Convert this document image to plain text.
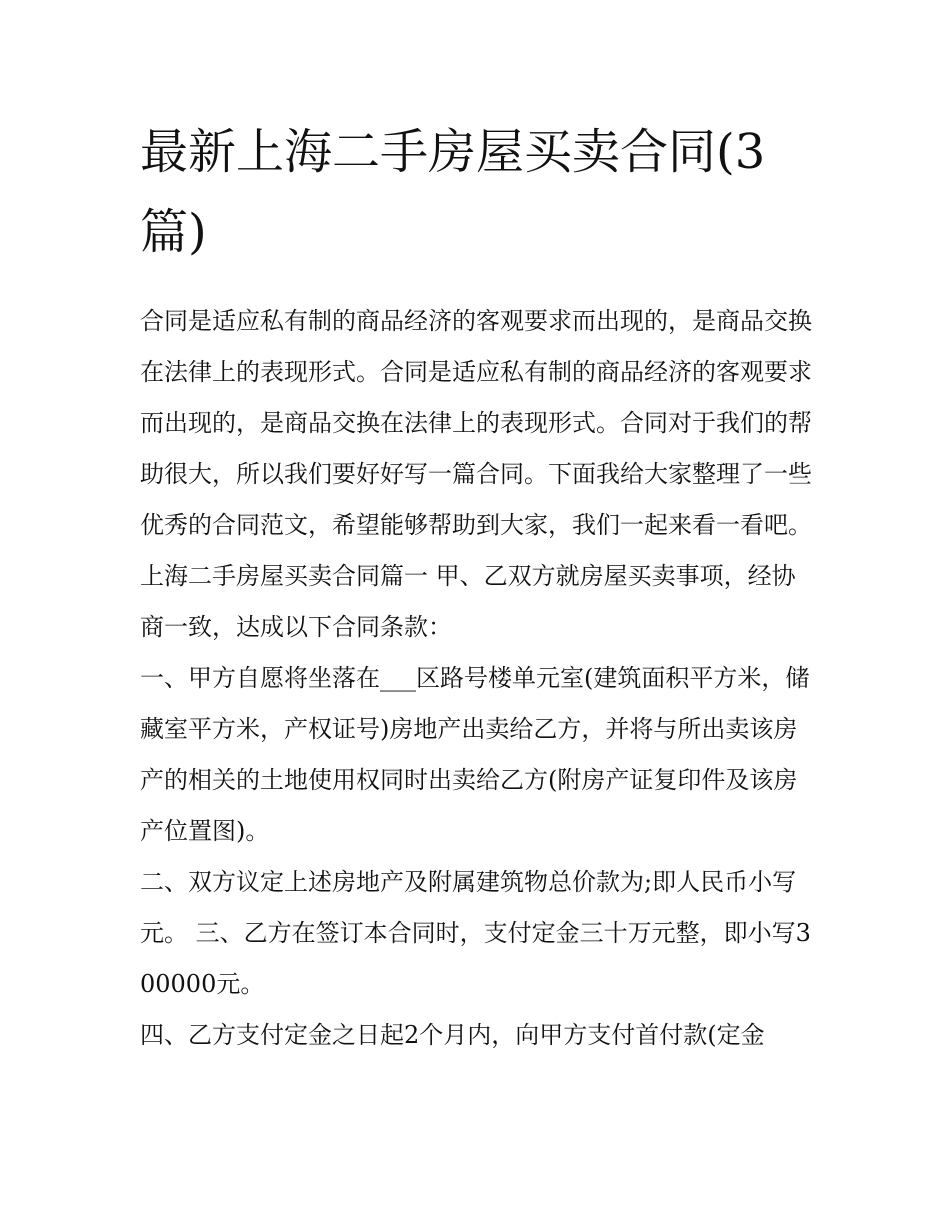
最新上海二手房屋买卖合同(3篇)

合同是适应私有制的商品经济的客观要求而出现的，是商品交换在法律上的表现形式。合同是适应私有制的商品经济的客观要求而出现的，是商品交换在法律上的表现形式。合同对于我们的帮助很大，所以我们要好好写一篇合同。下面我给大家整理了一些优秀的合同范文，希望能够帮助到大家，我们一起来看一看吧。

上海二手房屋买卖合同篇一 甲、乙双方就房屋买卖事项，经协商一致，达成以下合同条款：

一、甲方自愿将坐落在___区路号楼单元室(建筑面积平方米，储藏室平方米，产权证号)房地产出卖给乙方，并将与所出卖该房产的相关的土地使用权同时出卖给乙方(附房产证复印件及该房产位置图)。

二、双方议定上述房地产及附属建筑物总价款为;即人民币小写元。 三、乙方在签订本合同时，支付定金三十万元整，即小写300000元。

四、乙方支付定金之日起2个月内，向甲方支付首付款(定金
